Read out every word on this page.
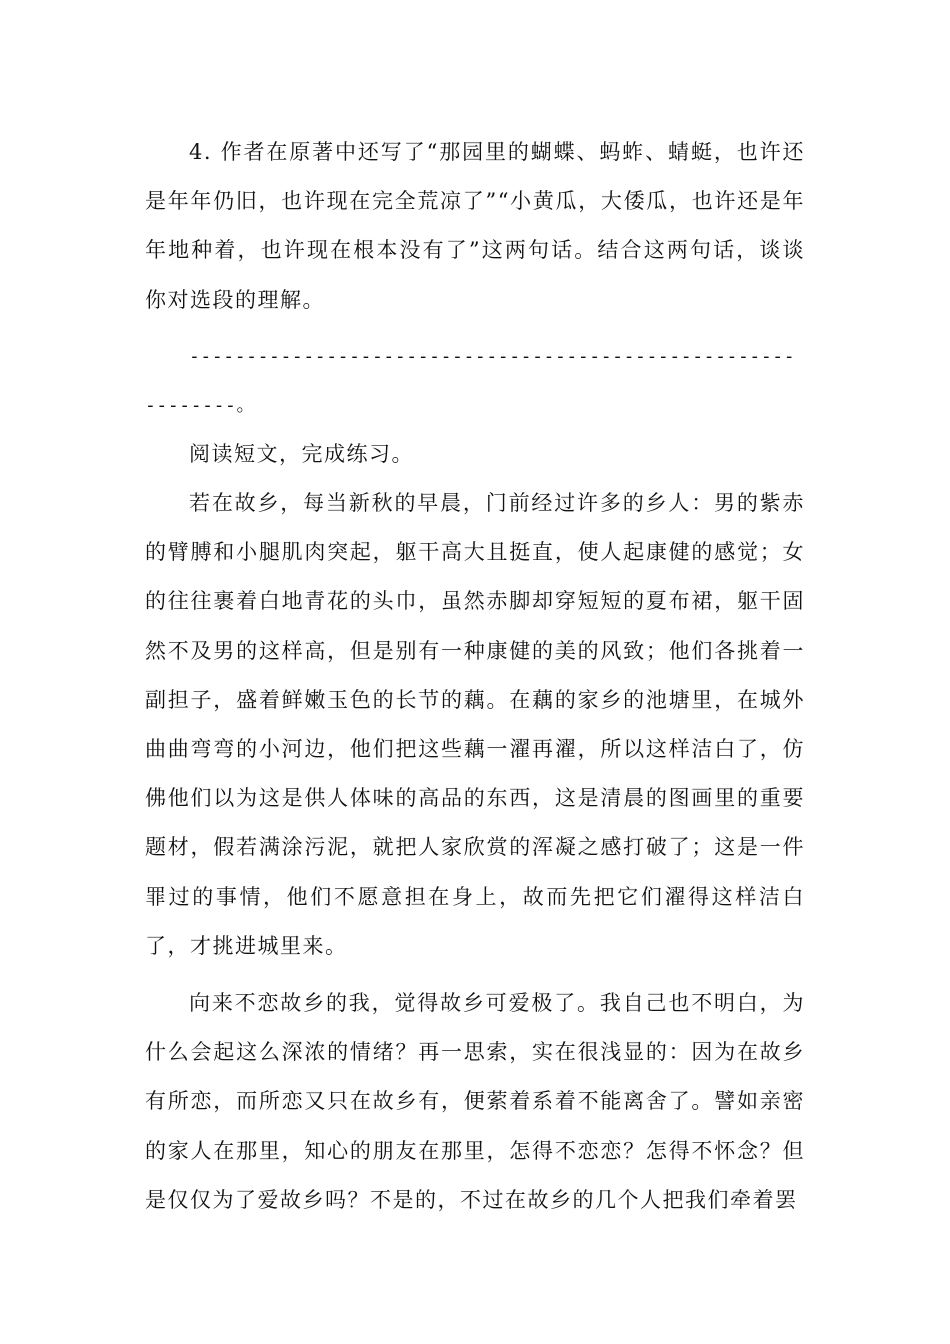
4. 作者在原著中还写了“那园里的蝴蝶、蚂蚱、蜻蜓，也许还是年年仍旧，也许现在完全荒凉了”“小黄瓜，大倭瓜，也许还是年年地种着，也许现在根本没有了”这两句话。结合这两句话，谈谈你对选段的理解。

-------------------------------------------------------------。

阅读短文，完成练习。

若在故乡，每当新秋的早晨，门前经过许多的乡人：男的紫赤的臂膊和小腿肌肉突起，躯干高大且挺直，使人起康健的感觉；女的往往裹着白地青花的头巾，虽然赤脚却穿短短的夏布裙，躯干固然不及男的这样高，但是别有一种康健的美的风致；他们各挑着一副担子，盛着鲜嫩玉色的长节的藕。在藕的家乡的池塘里，在城外曲曲弯弯的小河边，他们把这些藕一濯再濯，所以这样洁白了，仿佛他们以为这是供人体味的高品的东西，这是清晨的图画里的重要题材，假若满涂污泥，就把人家欣赏的浑凝之感打破了；这是一件罪过的事情，他们不愿意担在身上，故而先把它们濯得这样洁白了，才挑进城里来。

向来不恋故乡的我，觉得故乡可爱极了。我自己也不明白，为什么会起这么深浓的情绪？再一思索，实在很浅显的：因为在故乡有所恋，而所恋又只在故乡有，便萦着系着不能离舍了。譬如亲密的家人在那里，知心的朋友在那里，怎得不恋恋？怎得不怀念？但是仅仅为了爱故乡吗？不是的，不过在故乡的几个人把我们牵着罢
